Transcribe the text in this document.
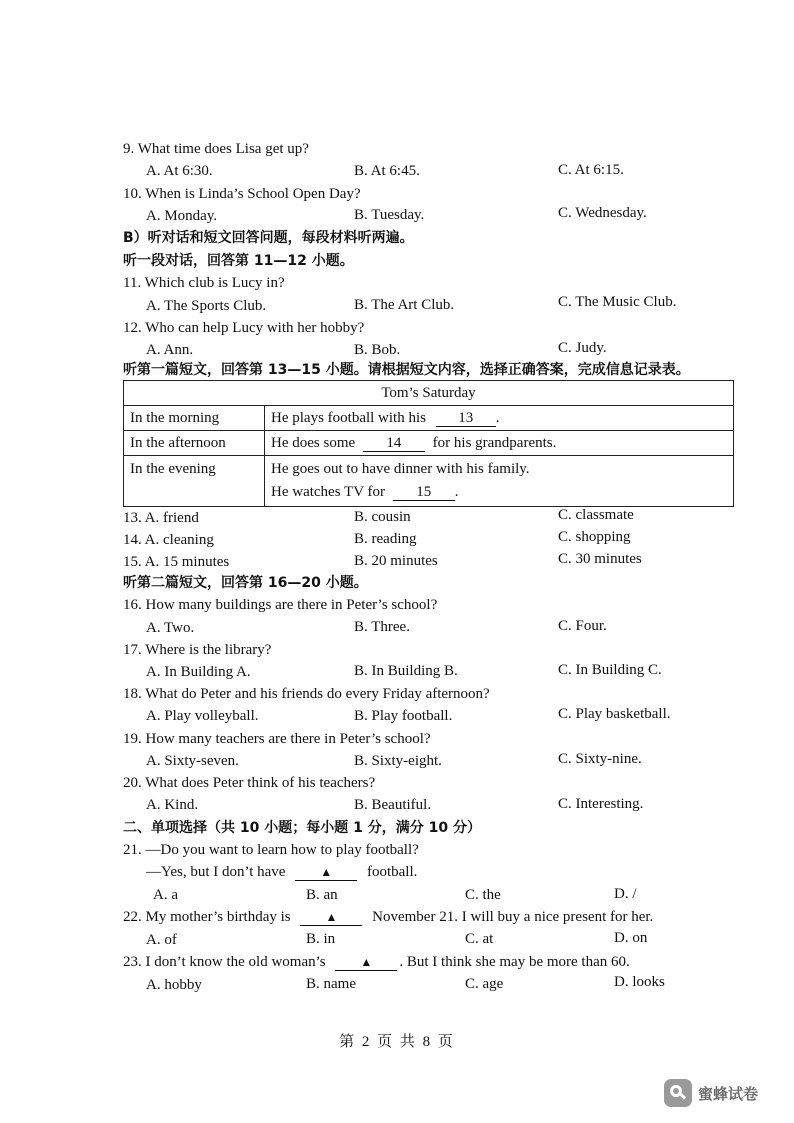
9. What time does Lisa get up?
A. At 6:30.	B. At 6:45.	C. At 6:15.
10. When is Linda’s School Open Day?
A. Monday.	B. Tuesday.	C. Wednesday.
B）听对话和短文回答问题，每段材料听两遍。
听一段对话，回答第 11—12 小题。
11. Which club is Lucy in?
A. The Sports Club.	B. The Art Club.	C. The Music Club.
12. Who can help Lucy with her hobby?
A. Ann.	B. Bob.	C. Judy.
听第一篇短文，回答第 13—15 小题。请根据短文内容，选择正确答案，完成信息记录表。
Tom’s Saturday	
In the morning	He plays football with his 13 .
In the afternoon	He does some 14 for his grandparents.
In the evening	He goes out to have dinner with his family.
He watches TV for 15 .
13. A. friend	B. cousin	C. classmate
14. A. cleaning	B. reading	C. shopping
15. A. 15 minutes	B. 20 minutes	C. 30 minutes
听第二篇短文，回答第 16—20 小题。
16. How many buildings are there in Peter’s school?
A. Two.	B. Three.	C. Four.
17. Where is the library?
A. In Building A.	B. In Building B.	C. In Building C.
18. What do Peter and his friends do every Friday afternoon?
A. Play volleyball.	B. Play football.	C. Play basketball.
19. How many teachers are there in Peter’s school?
A. Sixty-seven.	B. Sixty-eight.	C. Sixty-nine.
20. What does Peter think of his teachers?
A. Kind.	B. Beautiful.	C. Interesting.
二、单项选择（共 10 小题；每小题 1 分，满分 10 分）
21. —Do you want to learn how to play football?
—Yes, but I don’t have	▲ football.
A. a	B. an	C. the	D. /
22. My mother’s birthday is	▲ November 21. I will buy a nice present for her.
A. of	B. in	C. at	D. on
23. I don’t know the old woman’s	▲ . But I think she may be more than 60.
A. hobby	B. name	C. age	D. looks
第 2 页 共 8 页
蜜蜂试卷
